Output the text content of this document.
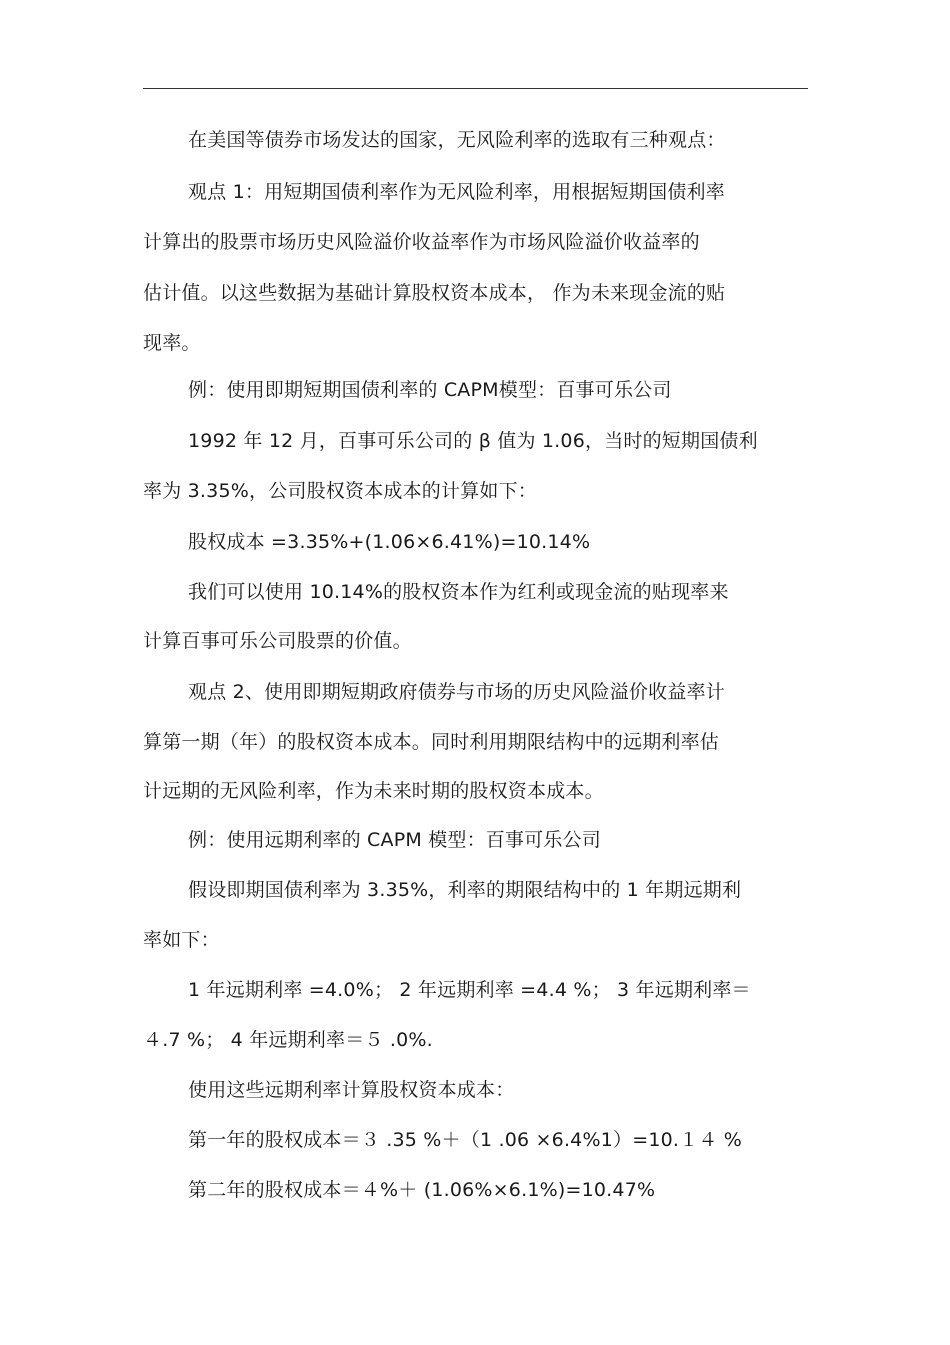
在美国等债券市场发达的国家，无风险利率的选取有三种观点：
观点 1：用短期国债利率作为无风险利率，用根据短期国债利率
计算出的股票市场历史风险溢价收益率作为市场风险溢价收益率的
估计值。以这些数据为基础计算股权资本成本， 作为未来现金流的贴
现率。
例：使用即期短期国债利率的 CAPM模型：百事可乐公司
1992 年 12 月，百事可乐公司的 β 值为 1.06，当时的短期国债利
率为 3.35%，公司股权资本成本的计算如下：
股权成本 =3.35%+(1.06×6.41%)=10.14%
我们可以使用 10.14%的股权资本作为红利或现金流的贴现率来
计算百事可乐公司股票的价值。
观点 2、使用即期短期政府债券与市场的历史风险溢价收益率计
算第一期（年）的股权资本成本。同时利用期限结构中的远期利率估
计远期的无风险利率，作为未来时期的股权资本成本。
例：使用远期利率的 CAPM 模型：百事可乐公司
假设即期国债利率为 3.35%，利率的期限结构中的 1 年期远期利
率如下：
1 年远期利率 =4.0%； 2 年远期利率 =4.4 %； 3 年远期利率＝
４.7 %； 4 年远期利率＝５ .0%.
使用这些远期利率计算股权资本成本：
第一年的股权成本＝３ .35 %＋（1 .06 ×6.4%1）=10.１４ %
第二年的股权成本＝４%＋ (1.06%×6.1%)=10.47%
